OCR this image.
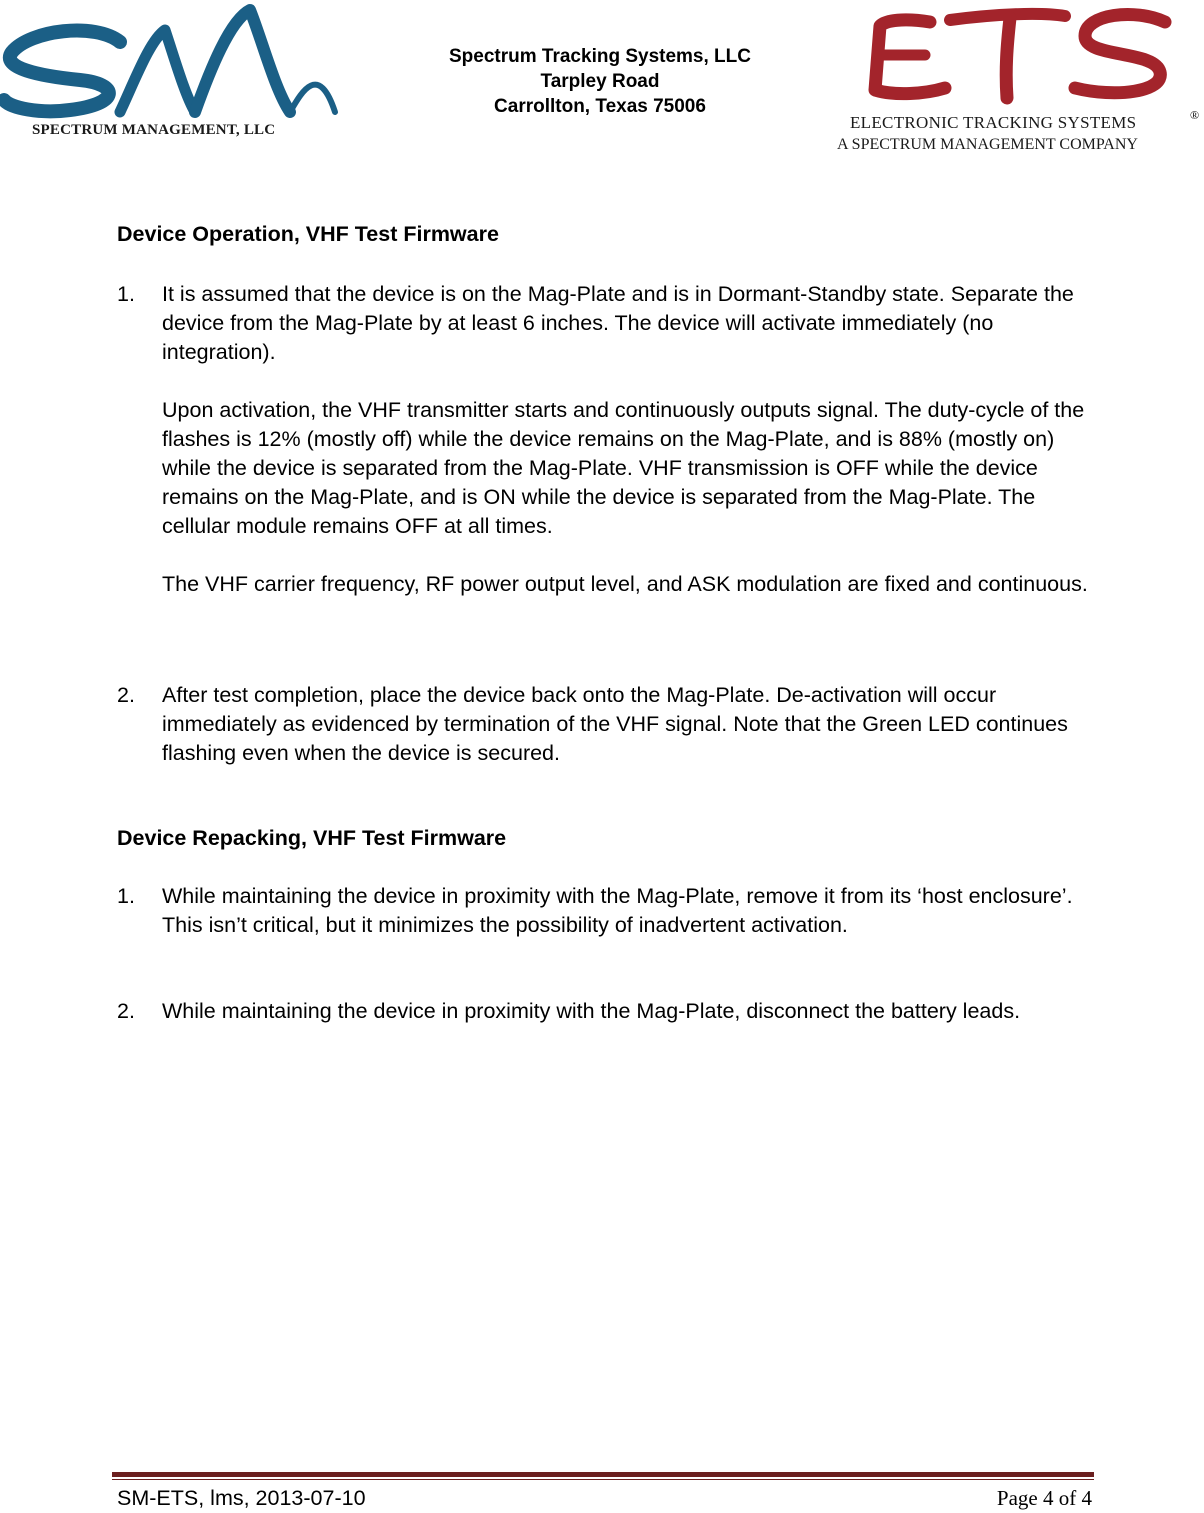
SPECTRUM MANAGEMENT, LLC
Spectrum Tracking Systems, LLC
Tarpley Road
Carrollton, Texas 75006
ELECTRONIC TRACKING SYSTEMS	®
A SPECTRUM MANAGEMENT COMPANY
Device Operation, VHF Test Firmware
1. It is assumed that the device is on the Mag-Plate and is in Dormant-Standby state. Separate the device from the Mag-Plate by at least 6 inches. The device will activate immediately (no integration).
Upon activation, the VHF transmitter starts and continuously outputs signal. The duty-cycle of the flashes is 12% (mostly off) while the device remains on the Mag-Plate, and is 88% (mostly on) while the device is separated from the Mag-Plate. VHF transmission is OFF while the device remains on the Mag-Plate, and is ON while the device is separated from the Mag-Plate. The cellular module remains OFF at all times.
The VHF carrier frequency, RF power output level, and ASK modulation are fixed and continuous.
2. After test completion, place the device back onto the Mag-Plate. De-activation will occur immediately as evidenced by termination of the VHF signal. Note that the Green LED continues flashing even when the device is secured.
Device Repacking, VHF Test Firmware
1. While maintaining the device in proximity with the Mag-Plate, remove it from its ‘host enclosure’. This isn’t critical, but it minimizes the possibility of inadvertent activation.
2. While maintaining the device in proximity with the Mag-Plate, disconnect the battery leads.
SM-ETS, lms, 2013-07-10	Page 4 of 4
